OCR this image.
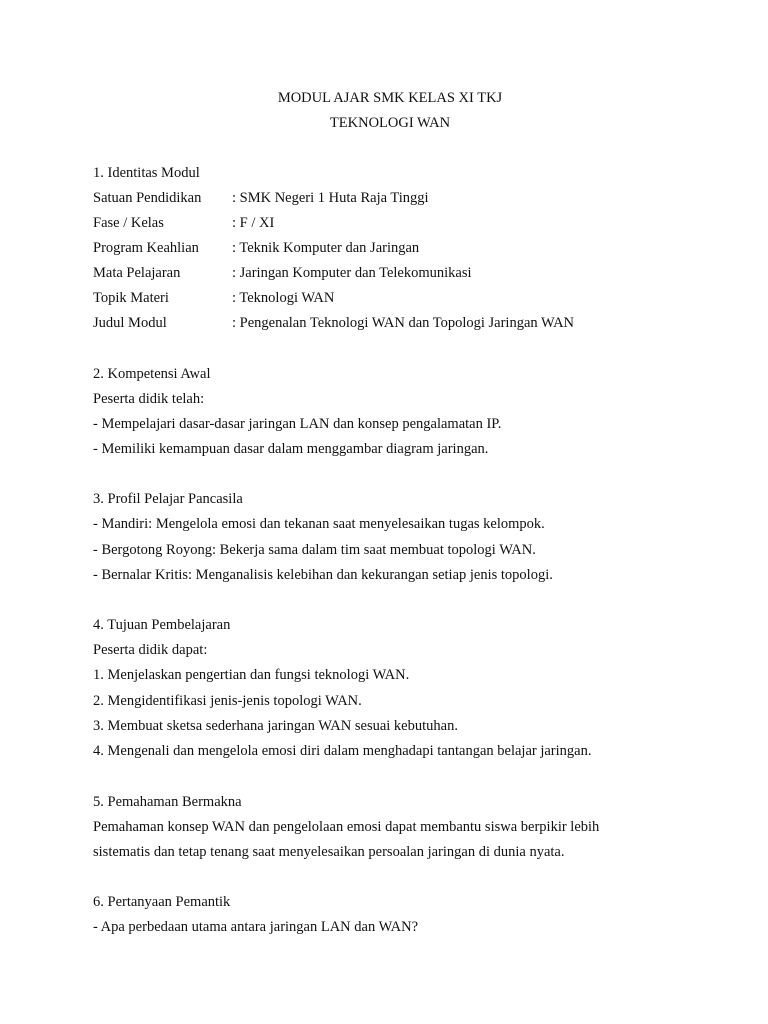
MODUL AJAR SMK KELAS XI TKJ
TEKNOLOGI WAN
1. Identitas Modul
Satuan Pendidikan : SMK Negeri 1 Huta Raja Tinggi
Fase / Kelas	: F / XI
Program Keahlian : Teknik Komputer dan Jaringan
Mata Pelajaran	: Jaringan Komputer dan Telekomunikasi
Topik Materi	: Teknologi WAN
Judul Modul	: Pengenalan Teknologi WAN dan Topologi Jaringan WAN
2. Kompetensi Awal
Peserta didik telah:
- Mempelajari dasar-dasar jaringan LAN dan konsep pengalamatan IP.
- Memiliki kemampuan dasar dalam menggambar diagram jaringan.
3. Profil Pelajar Pancasila
- Mandiri: Mengelola emosi dan tekanan saat menyelesaikan tugas kelompok.
- Bergotong Royong: Bekerja sama dalam tim saat membuat topologi WAN.
- Bernalar Kritis: Menganalisis kelebihan dan kekurangan setiap jenis topologi.
4. Tujuan Pembelajaran
Peserta didik dapat:
1. Menjelaskan pengertian dan fungsi teknologi WAN.
2. Mengidentifikasi jenis-jenis topologi WAN.
3. Membuat sketsa sederhana jaringan WAN sesuai kebutuhan.
4. Mengenali dan mengelola emosi diri dalam menghadapi tantangan belajar jaringan.
5. Pemahaman Bermakna
Pemahaman konsep WAN dan pengelolaan emosi dapat membantu siswa berpikir lebih
sistematis dan tetap tenang saat menyelesaikan persoalan jaringan di dunia nyata.
6. Pertanyaan Pemantik
- Apa perbedaan utama antara jaringan LAN dan WAN?
